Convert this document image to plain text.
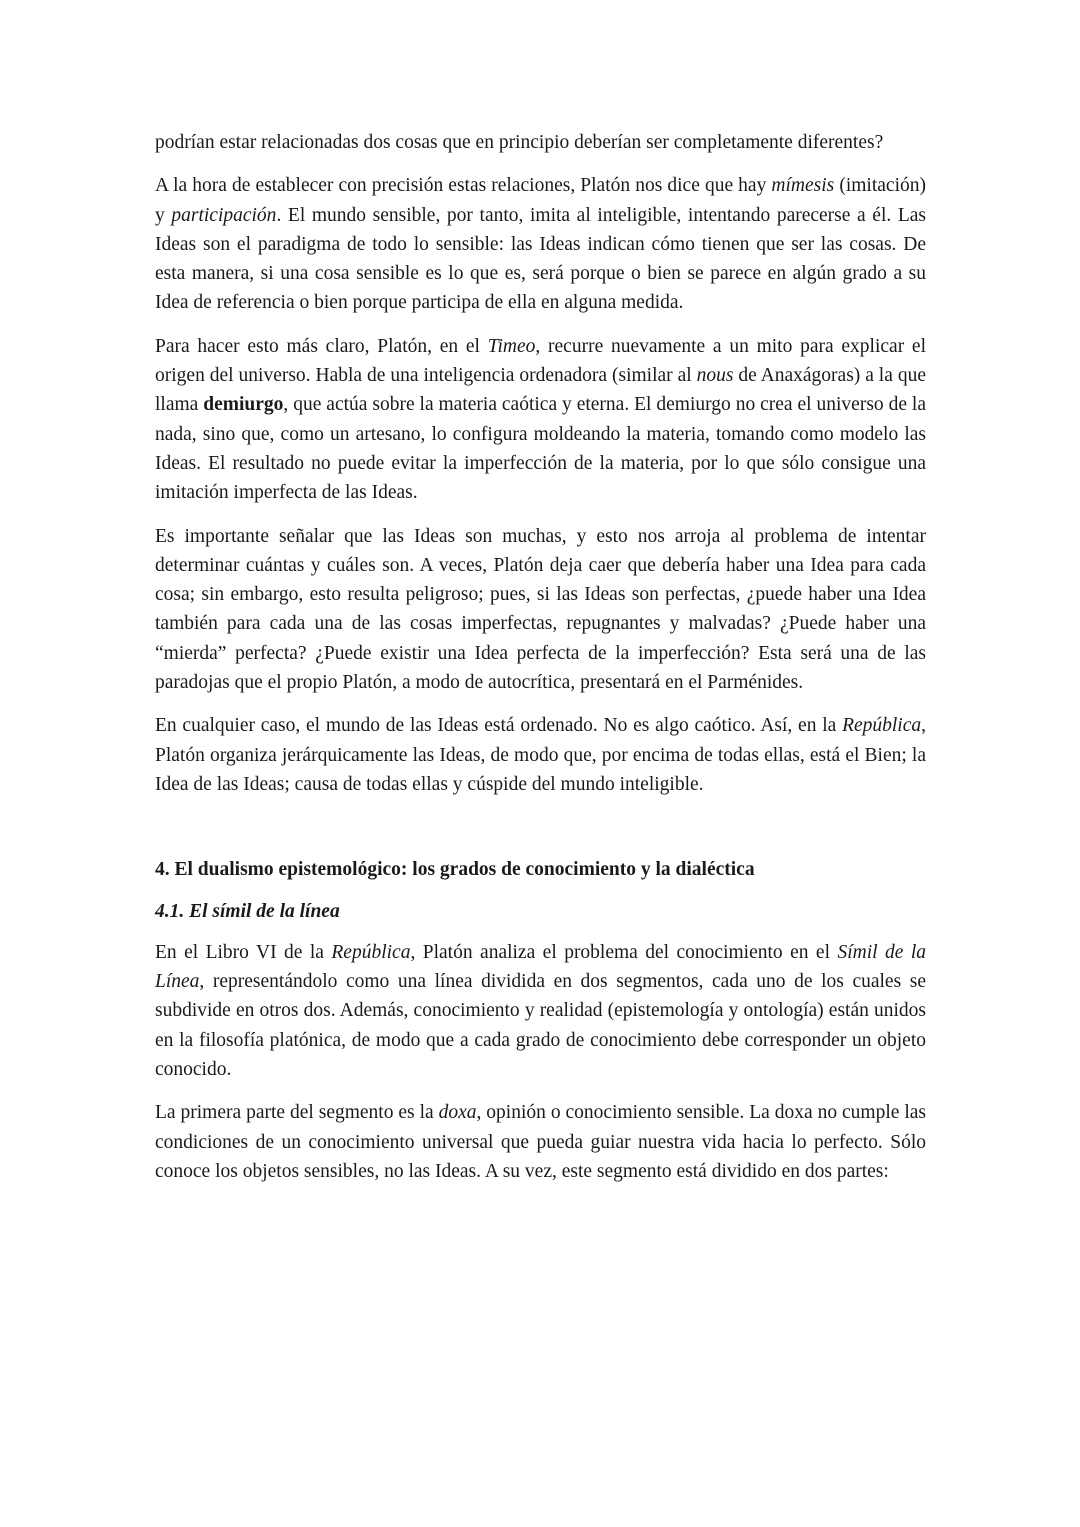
podrían estar relacionadas dos cosas que en principio deberían ser completamente diferentes?

A la hora de establecer con precisión estas relaciones, Platón nos dice que hay mímesis (imitación) y participación. El mundo sensible, por tanto, imita al inteligible, intentando parecerse a él. Las Ideas son el paradigma de todo lo sensible: las Ideas indican cómo tienen que ser las cosas. De esta manera, si una cosa sensible es lo que es, será porque o bien se parece en algún grado a su Idea de referencia o bien porque participa de ella en alguna medida.

Para hacer esto más claro, Platón, en el Timeo, recurre nuevamente a un mito para explicar el origen del universo. Habla de una inteligencia ordenadora (similar al nous de Anaxágoras) a la que llama demiurgo, que actúa sobre la materia caótica y eterna. El demiurgo no crea el universo de la nada, sino que, como un artesano, lo configura moldeando la materia, tomando como modelo las Ideas. El resultado no puede evitar la imperfección de la materia, por lo que sólo consigue una imitación imperfecta de las Ideas.

Es importante señalar que las Ideas son muchas, y esto nos arroja al problema de intentar determinar cuántas y cuáles son. A veces, Platón deja caer que debería haber una Idea para cada cosa; sin embargo, esto resulta peligroso; pues, si las Ideas son perfectas, ¿puede haber una Idea también para cada una de las cosas imperfectas, repugnantes y malvadas? ¿Puede haber una “mierda” perfecta? ¿Puede existir una Idea perfecta de la imperfección? Esta será una de las paradojas que el propio Platón, a modo de autocrítica, presentará en el Parménides.

En cualquier caso, el mundo de las Ideas está ordenado. No es algo caótico. Así, en la República, Platón organiza jerárquicamente las Ideas, de modo que, por encima de todas ellas, está el Bien; la Idea de las Ideas; causa de todas ellas y cúspide del mundo inteligible.

4. El dualismo epistemológico: los grados de conocimiento y la dialéctica
4.1. El símil de la línea

En el Libro VI de la República, Platón analiza el problema del conocimiento en el Símil de la Línea, representándolo como una línea dividida en dos segmentos, cada uno de los cuales se subdivide en otros dos. Además, conocimiento y realidad (epistemología y ontología) están unidos en la filosofía platónica, de modo que a cada grado de conocimiento debe corresponder un objeto conocido.

La primera parte del segmento es la doxa, opinión o conocimiento sensible. La doxa no cumple las condiciones de un conocimiento universal que pueda guiar nuestra vida hacia lo perfecto. Sólo conoce los objetos sensibles, no las Ideas. A su vez, este segmento está dividido en dos partes:
